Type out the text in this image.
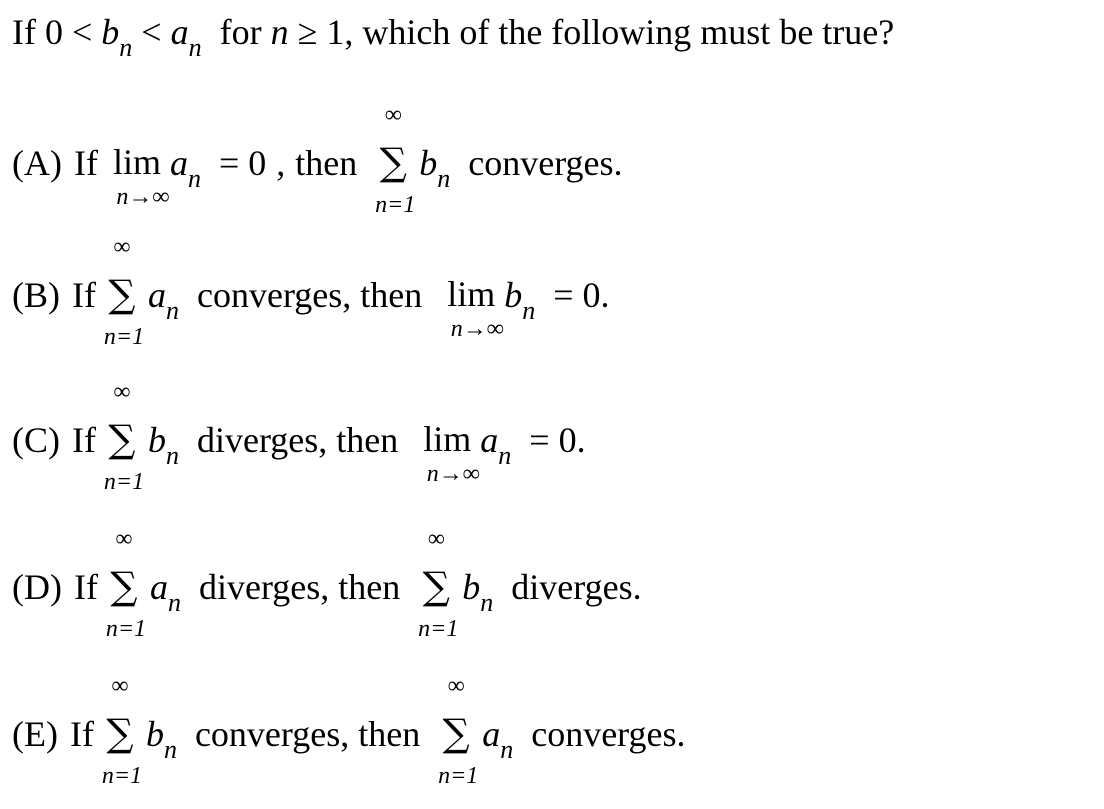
If $0 < b_n < a_n$ for n ≥ 1, which of the following must be true?
(A) If lim
n→∞
$a_n = 0$ , then
∞
∑
n=1
$b_n$ converges.
(B) If
∞
∑
n=1
$a_n$ converges, then lim
n→∞
$b_n = 0$.
(C) If
∞
∑
n=1
$b_n$ diverges, then lim
n→∞
$a_n = 0$.
(D) If
∞
∑
n=1
$a_n$ diverges, then
∞
∑
n=1
$b_n$ diverges.
(E) If
∞
∑
n=1
$b_n$ converges, then
∞
∑
n=1
$a_n$ converges.
